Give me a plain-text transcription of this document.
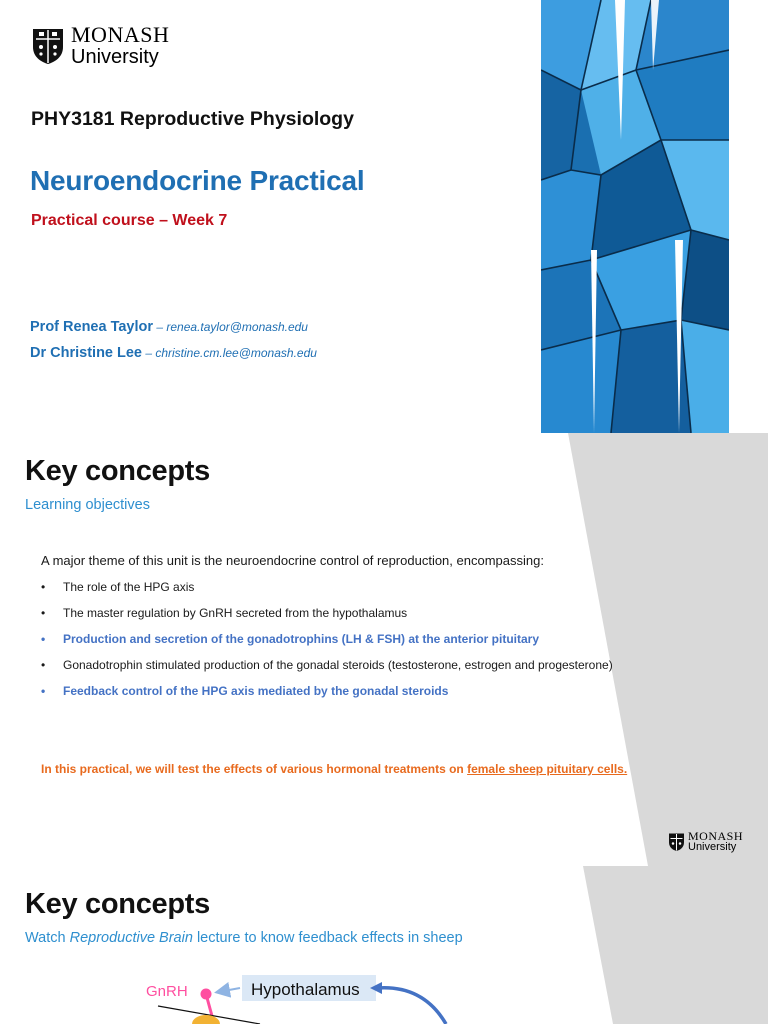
MONASH
University
PHY3181 Reproductive Physiology
Neuroendocrine Practical
Practical course – Week 7
Prof Renea Taylor – renea.taylor@monash.edu
Dr Christine Lee – christine.cm.lee@monash.edu
Key concepts
Learning objectives
A major theme of this unit is the neuroendocrine control of reproduction, encompassing:
• The role of the HPG axis
• The master regulation by GnRH secreted from the hypothalamus
• Production and secretion of the gonadotrophins (LH & FSH) at the anterior pituitary
• Gonadotrophin stimulated production of the gonadal steroids (testosterone, estrogen and progesterone)
• Feedback control of the HPG axis mediated by the gonadal steroids
In this practical, we will test the effects of various hormonal treatments on female sheep pituitary cells.
MONASH
University
Key concepts
Watch Reproductive Brain lecture to know feedback effects in sheep
GnRH	Hypothalamus
